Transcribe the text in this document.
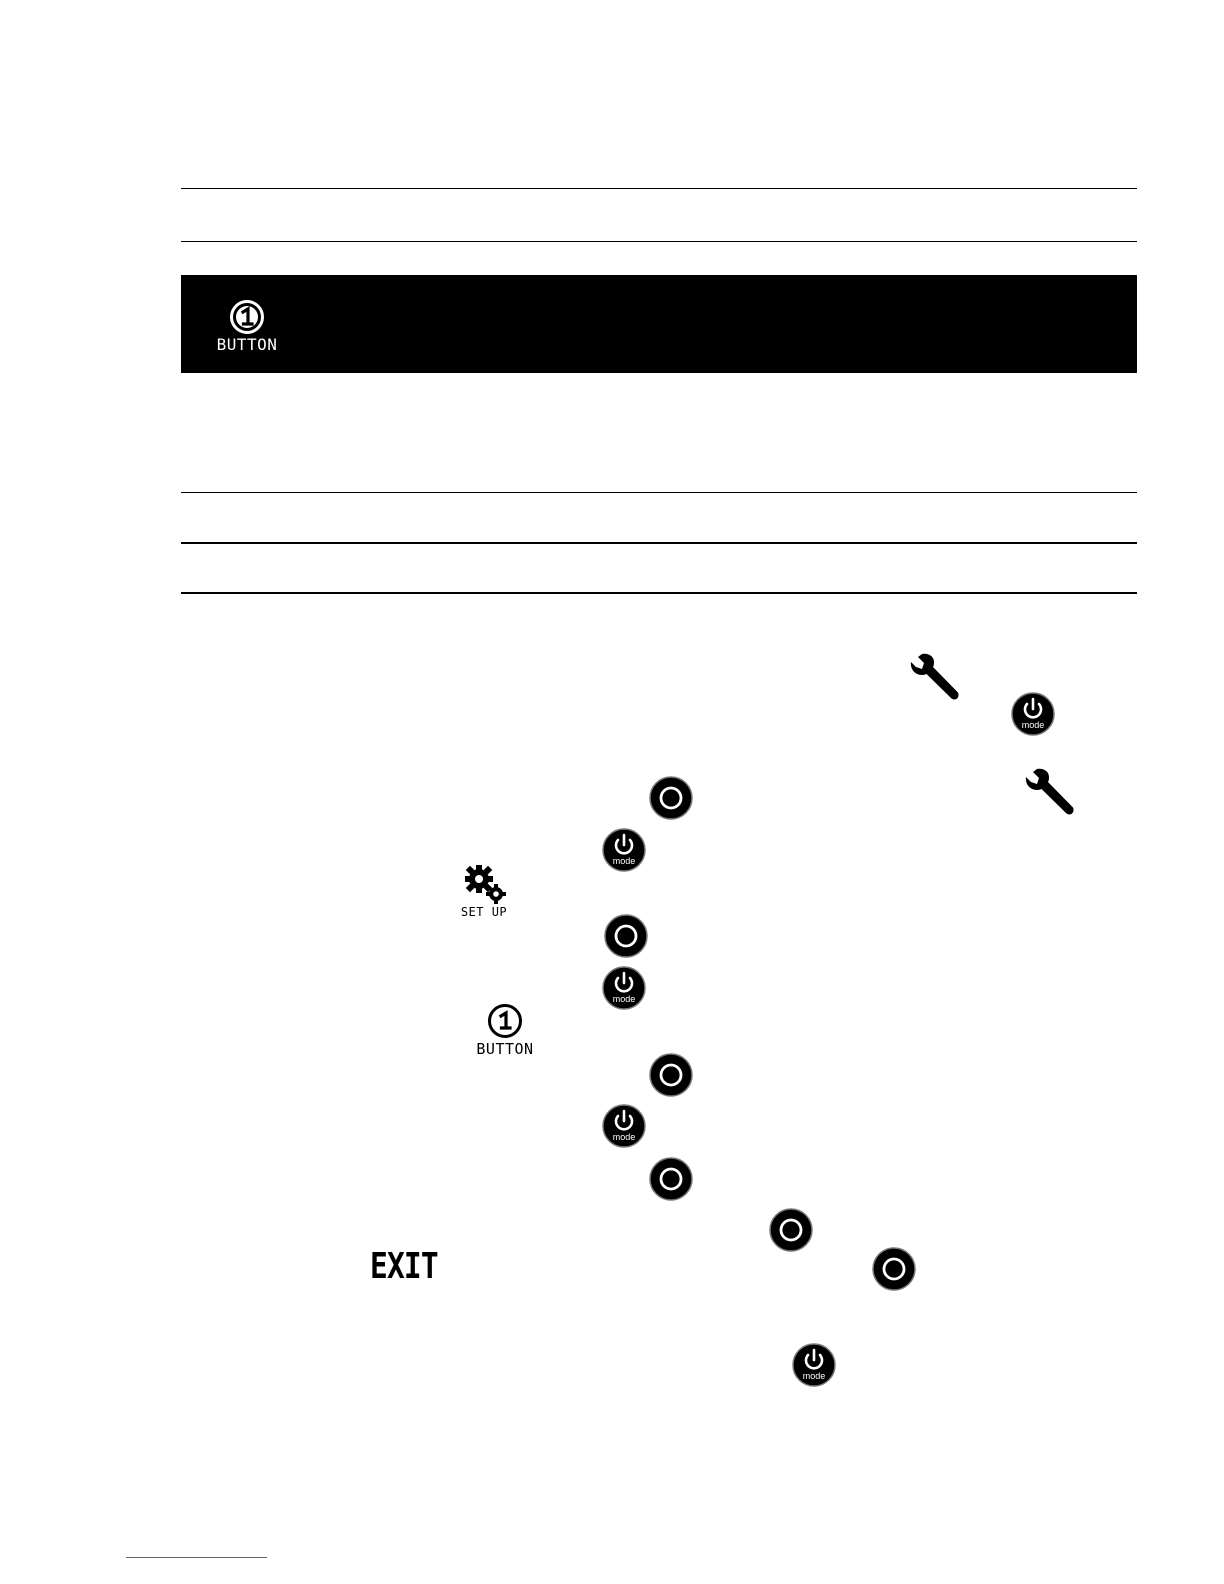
BUTTON
mode
mode
mode
mode
mode
SET UP
BUTTON
EXIT
